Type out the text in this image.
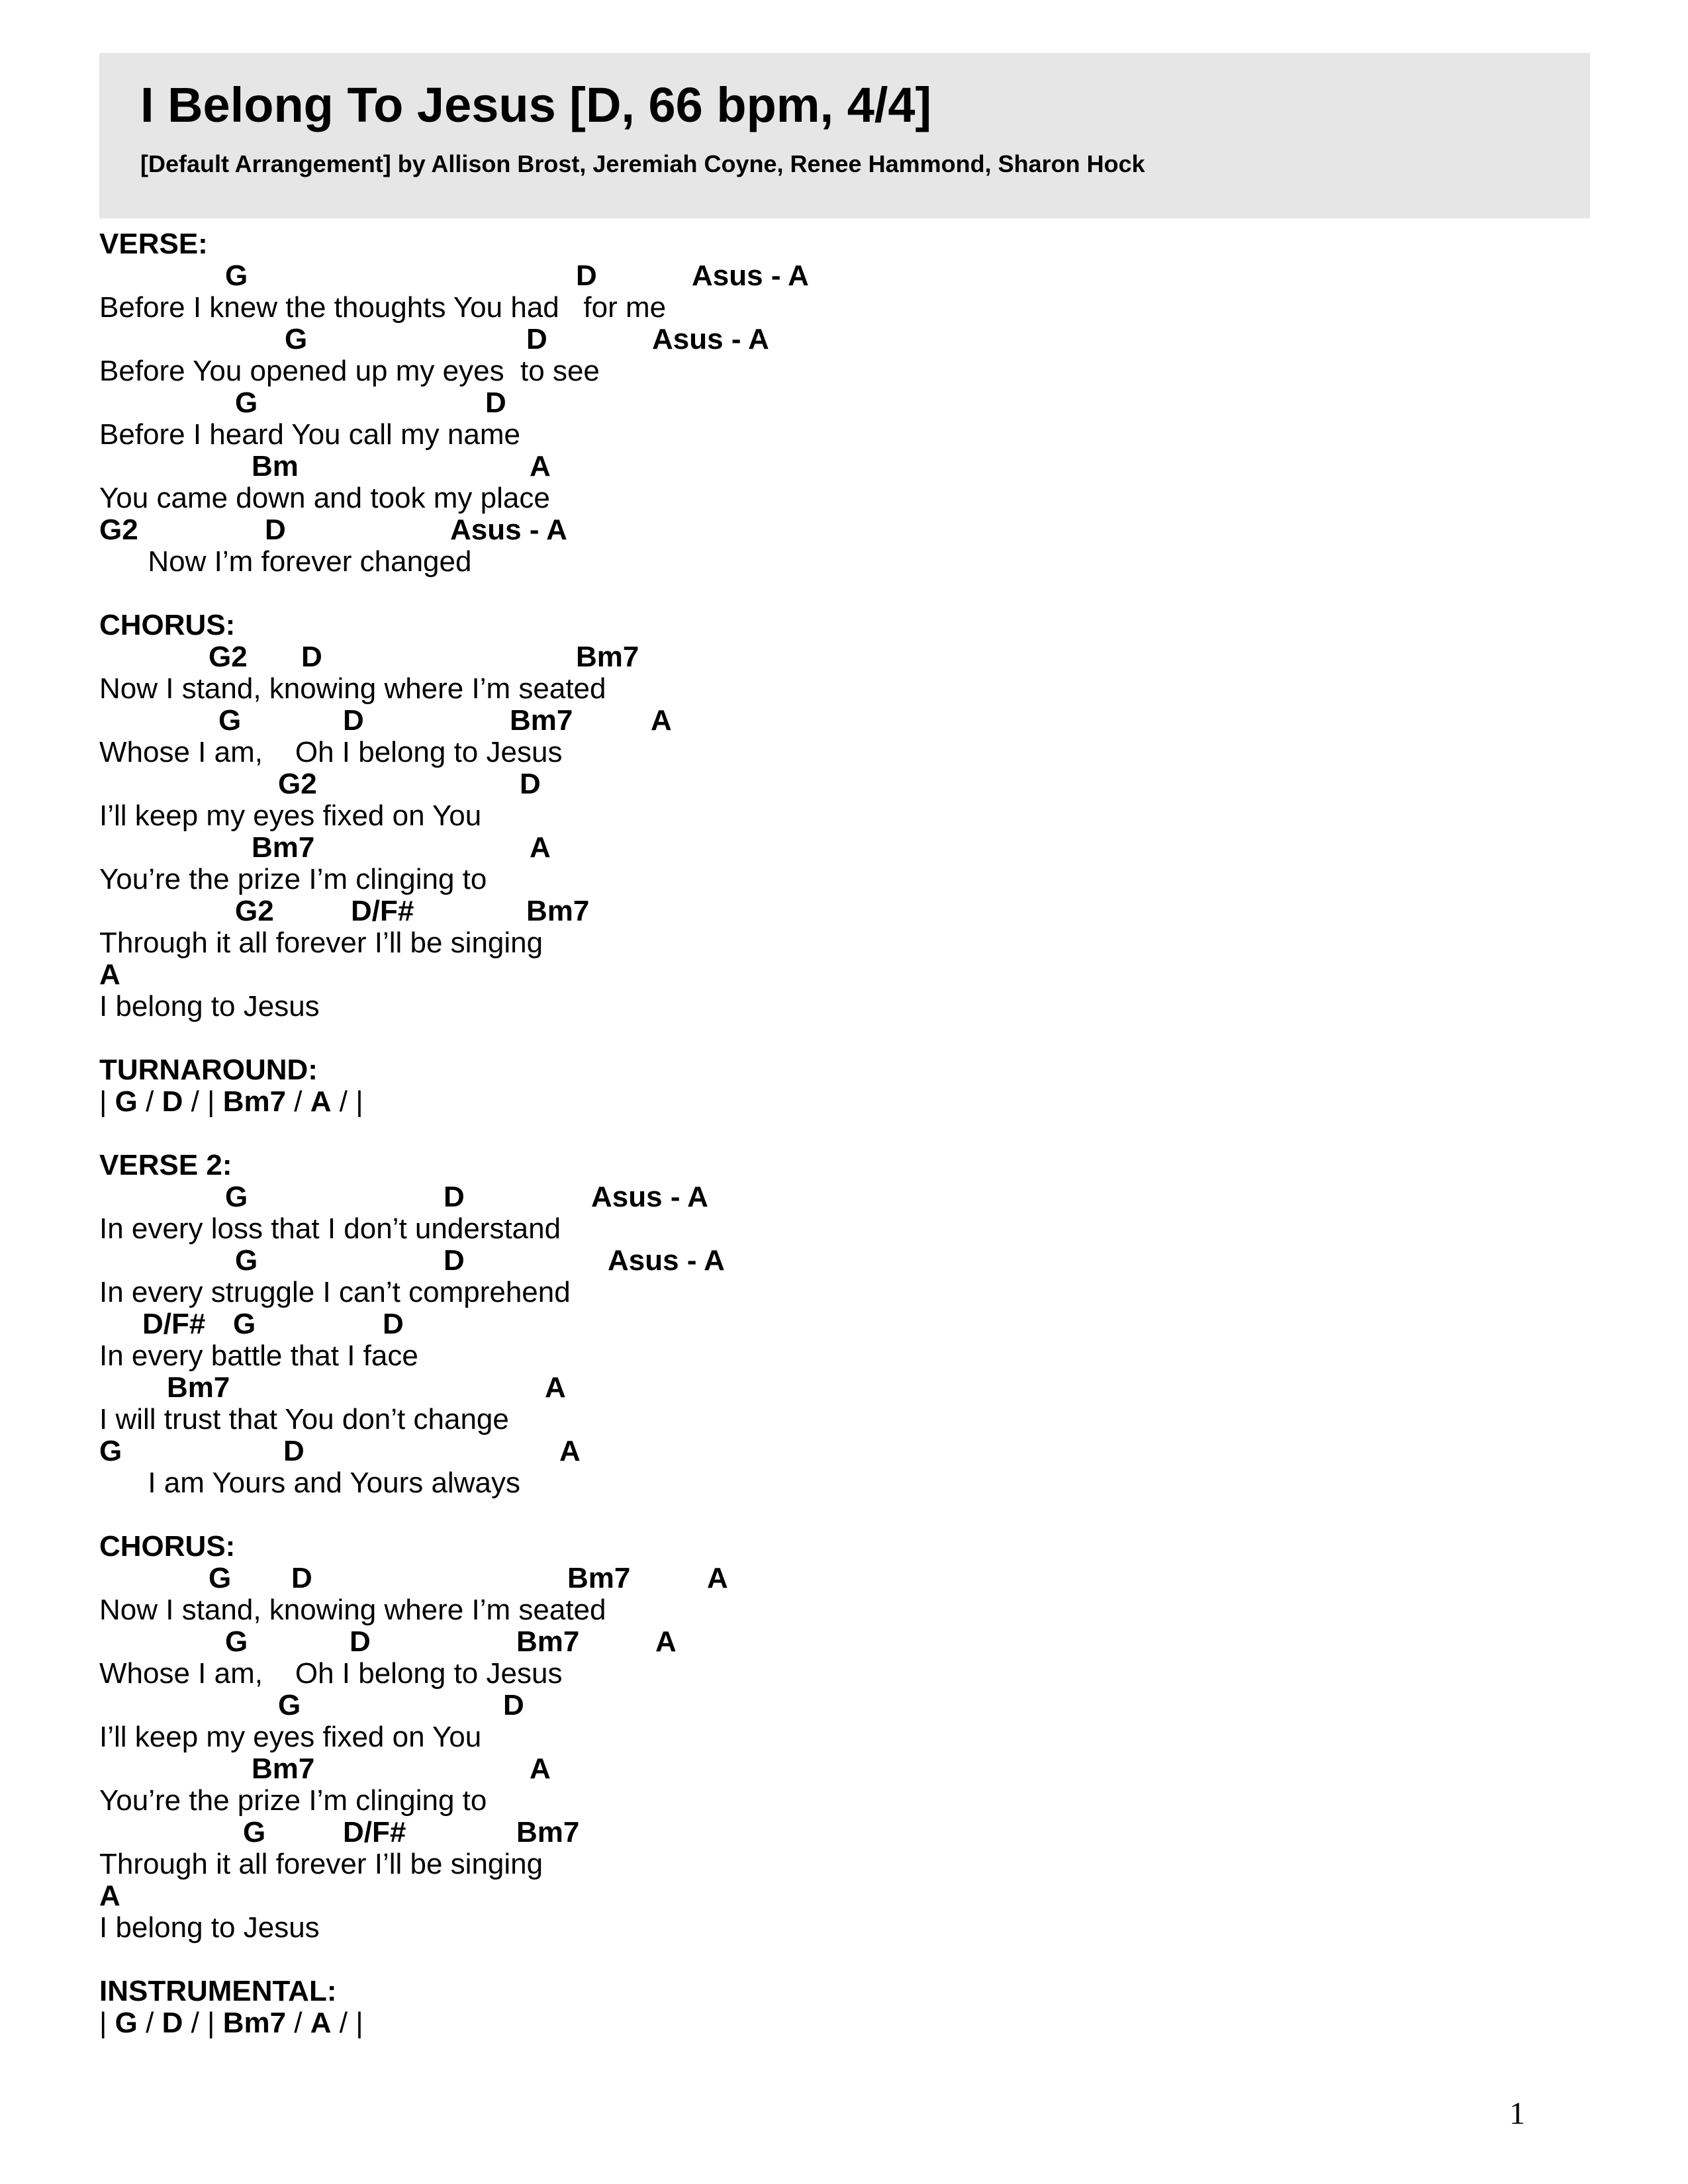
I Belong To Jesus [D, 66 bpm, 4/4]
[Default Arrangement] by Allison Brost, Jeremiah Coyne, Renee Hammond, Sharon Hock
VERSE:
G	D	Asus - A
Before I knew the thoughts You had   for me
G	D	Asus - A
Before You opened up my eyes  to see
G	D
Before I heard You call my name
Bm	A
You came down and took my place
G2	D	Asus - A
Now I’m forever changed
CHORUS:
G2 D	Bm7
Now I stand, knowing where I’m seated
G	D	Bm7	A
Whose I am,    Oh I belong to Jesus
G2	D
I’ll keep my eyes fixed on You
Bm7	A
You’re the prize I’m clinging to
G2	D/F#	Bm7
Through it all forever I’ll be singing
A
I belong to Jesus
TURNAROUND:
| G / D / | Bm7 / A / |
VERSE 2:
G	D	Asus - A
In every loss that I don’t understand
G	D	Asus - A
In every struggle I can’t comprehend
D/F# G	D
In every battle that I face
Bm7	A
I will trust that You don’t change
G	D	A
I am Yours and Yours always
CHORUS:
G D	Bm7	A
Now I stand, knowing where I’m seated
G	D	Bm7	A
Whose I am,    Oh I belong to Jesus
G	D
I’ll keep my eyes fixed on You
Bm7	A
You’re the prize I’m clinging to
G	D/F#	Bm7
Through it all forever I’ll be singing
A
I belong to Jesus
INSTRUMENTAL:
| G / D / | Bm7 / A / |
1
